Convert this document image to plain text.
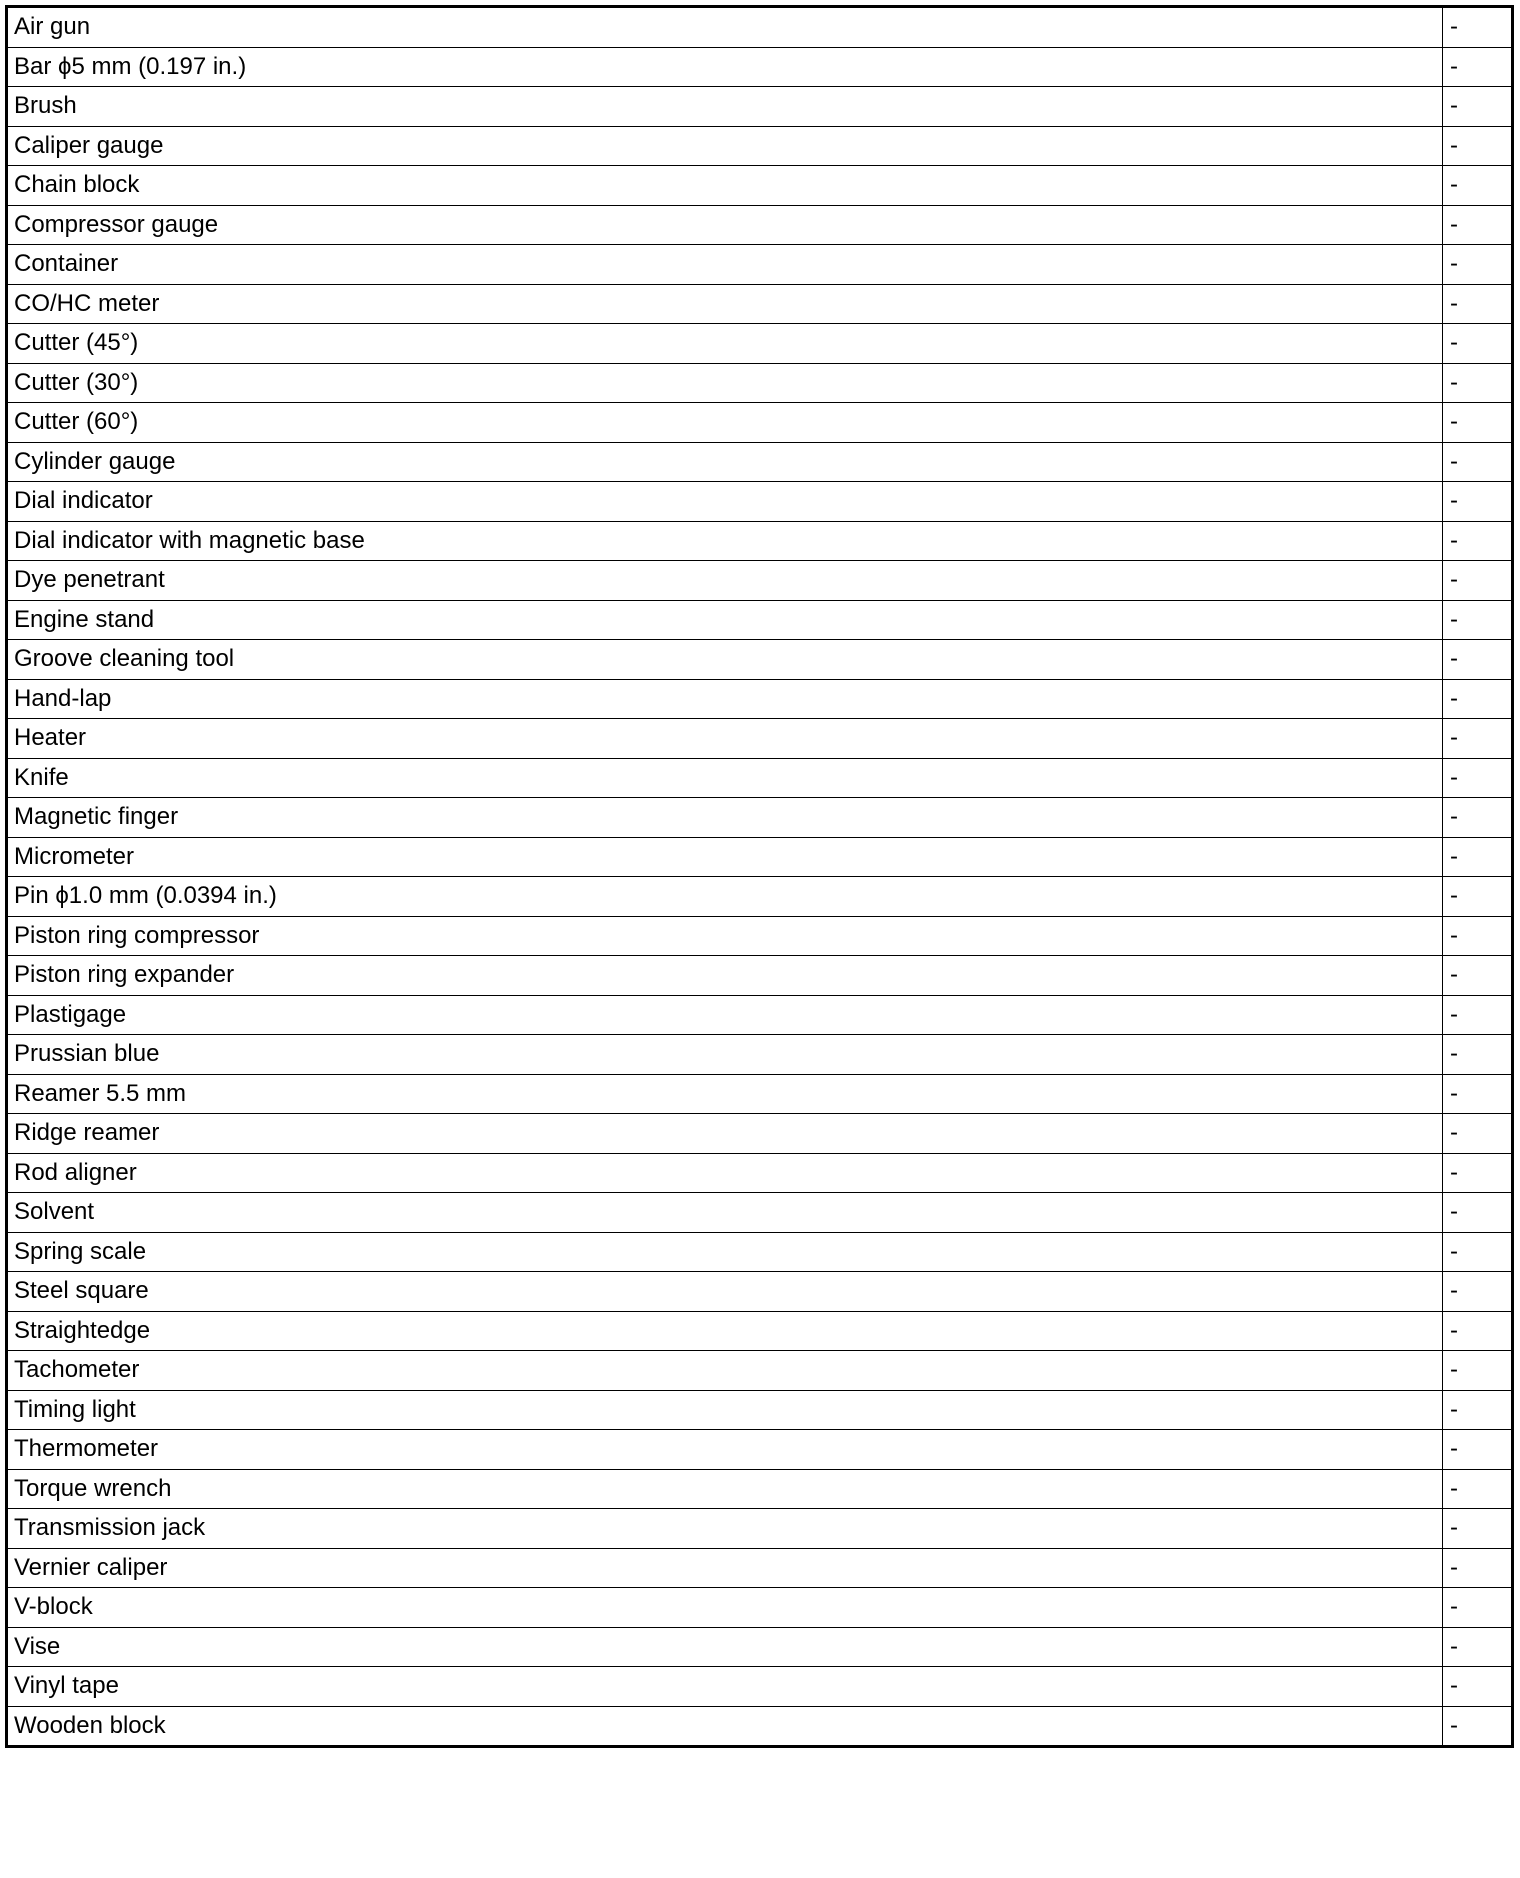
Air gun	-
Bar ϕ5 mm (0.197 in.)	-
Brush	-
Caliper gauge	-
Chain block	-
Compressor gauge	-
Container	-
CO/HC meter	-
Cutter (45°)	-
Cutter (30°)	-
Cutter (60°)	-
Cylinder gauge	-
Dial indicator	-
Dial indicator with magnetic base	-
Dye penetrant	-
Engine stand	-
Groove cleaning tool	-
Hand-lap	-
Heater	-
Knife	-
Magnetic finger	-
Micrometer	-
Pin ϕ1.0 mm (0.0394 in.)	-
Piston ring compressor	-
Piston ring expander	-
Plastigage	-
Prussian blue	-
Reamer 5.5 mm	-
Ridge reamer	-
Rod aligner	-
Solvent	-
Spring scale	-
Steel square	-
Straightedge	-
Tachometer	-
Timing light	-
Thermometer	-
Torque wrench	-
Transmission jack	-
Vernier caliper	-
V-block	-
Vise	-
Vinyl tape	-
Wooden block	-
